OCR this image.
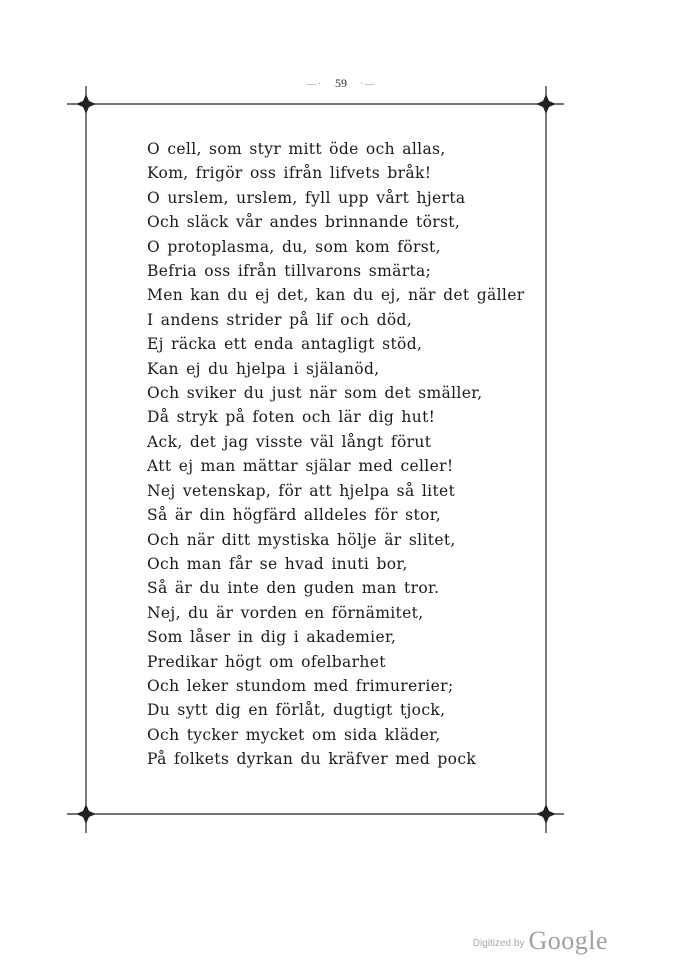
—· 59 ·—
O cell, som styr mitt öde och allas,
Kom, frigör oss ifrån lifvets bråk!
O urslem, urslem, fyll upp vårt hjerta
Och släck vår andes brinnande törst,
O protoplasma, du, som kom först,
Befria oss ifrån tillvarons smärta;
Men kan du ej det, kan du ej, när det gäller
I andens strider på lif och död,
Ej räcka ett enda antagligt stöd,
Kan ej du hjelpa i själanöd,
Och sviker du just när som det smäller,
Då stryk på foten och lär dig hut!
Ack, det jag visste väl långt förut
Att ej man mättar själar med celler!
Nej vetenskap, för att hjelpa så litet
Så är din högfärd alldeles för stor,
Och när ditt mystiska hölje är slitet,
Och man får se hvad inuti bor,
Så är du inte den guden man tror.
Nej, du är vorden en förnämitet,
Som låser in dig i akademier,
Predikar högt om ofelbarhet
Och leker stundom med frimurerier;
Du sytt dig en förlåt, dugtigt tjock,
Och tycker mycket om sida kläder,
På folkets dyrkan du kräfver med pock
Digitized by Google
